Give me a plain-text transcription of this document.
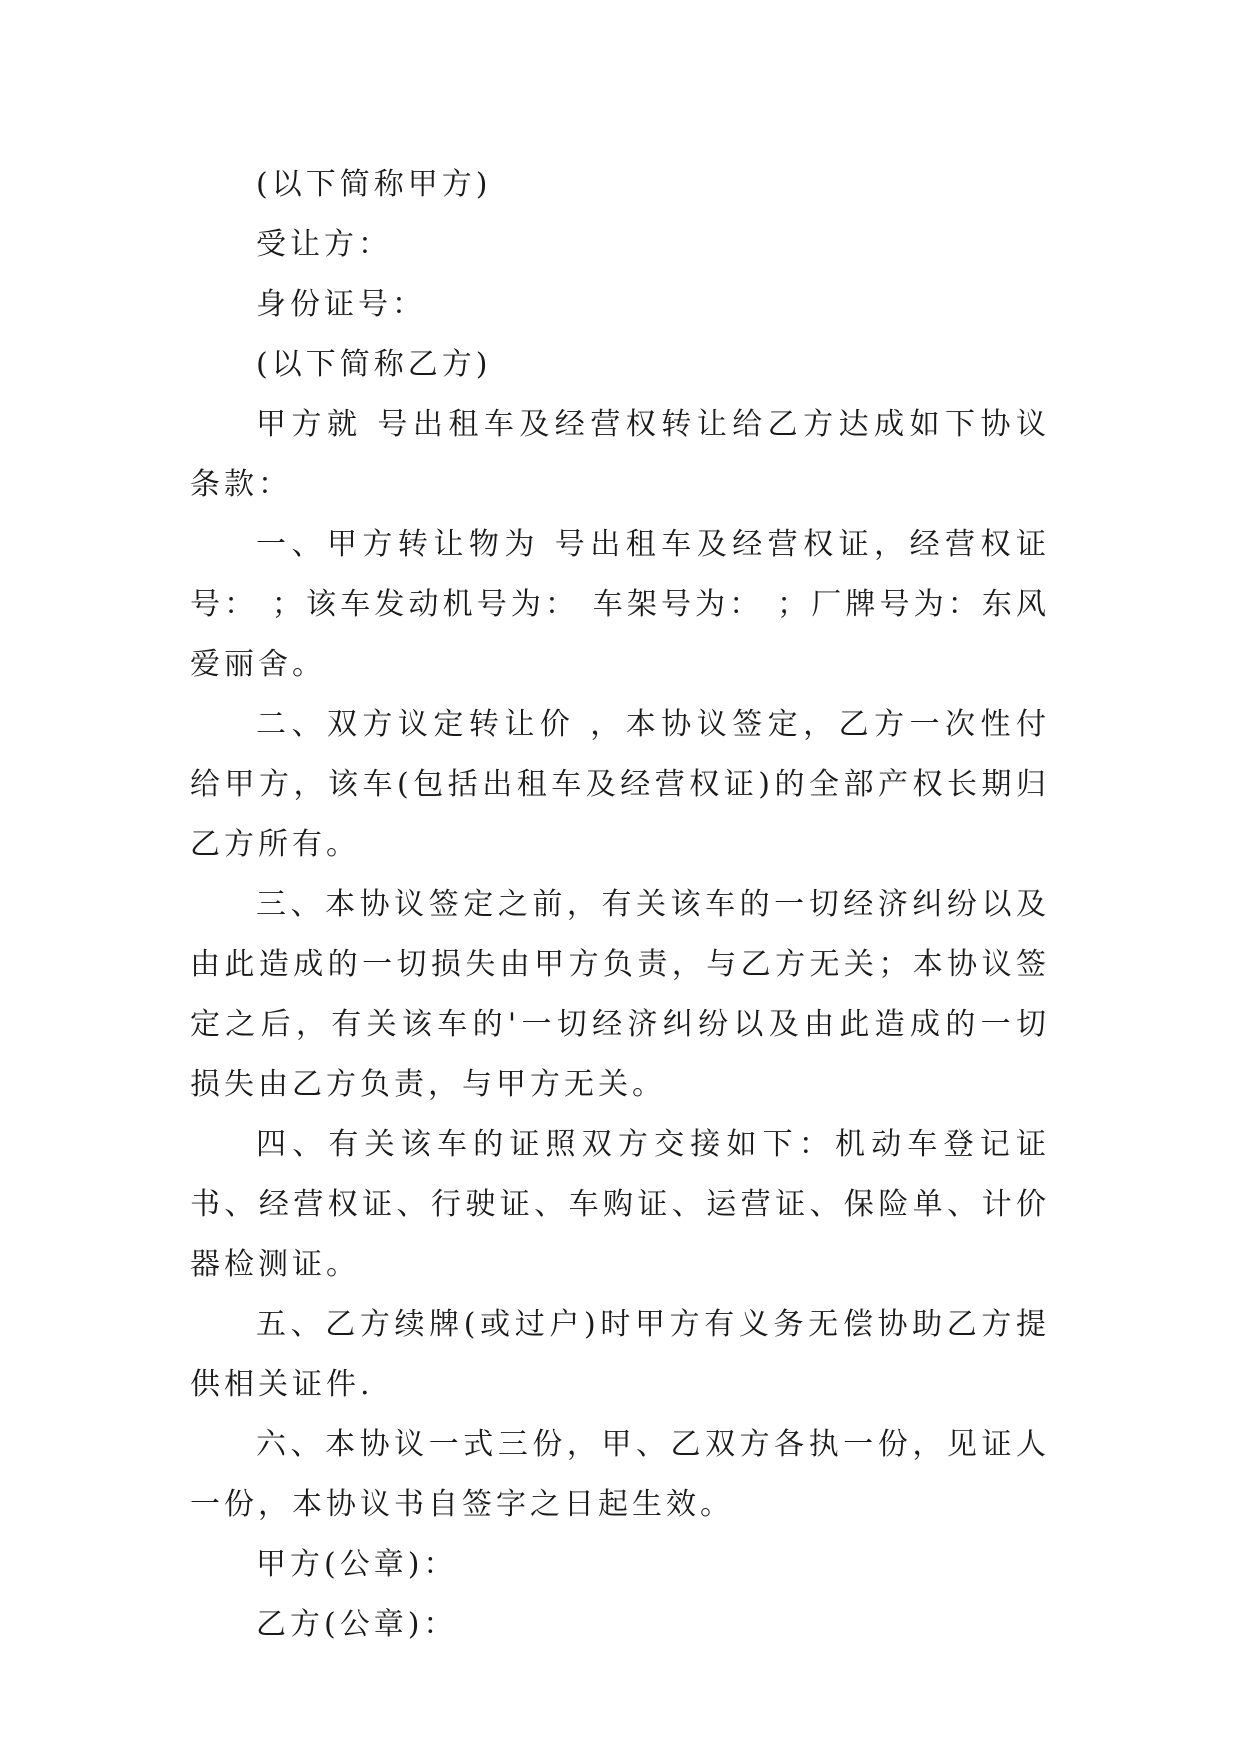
(以下简称甲方)

受让方：

身份证号：

(以下简称乙方)

甲方就 号出租车及经营权转让给乙方达成如下协议条款：

一、甲方转让物为 号出租车及经营权证，经营权证号： ；该车发动机号为： 车架号为： ；厂牌号为：东风爱丽舍。

二、双方议定转让价 ，本协议签定，乙方一次性付给甲方，该车(包括出租车及经营权证)的全部产权长期归乙方所有。

三、本协议签定之前，有关该车的一切经济纠纷以及由此造成的一切损失由甲方负责，与乙方无关；本协议签定之后，有关该车的'一切经济纠纷以及由此造成的一切损失由乙方负责，与甲方无关。

四、有关该车的证照双方交接如下：机动车登记证书、经营权证、行驶证、车购证、运营证、保险单、计价器检测证。

五、乙方续牌(或过户)时甲方有义务无偿协助乙方提供相关证件.

六、本协议一式三份，甲、乙双方各执一份，见证人一份，本协议书自签字之日起生效。

甲方(公章)：

乙方(公章)：
